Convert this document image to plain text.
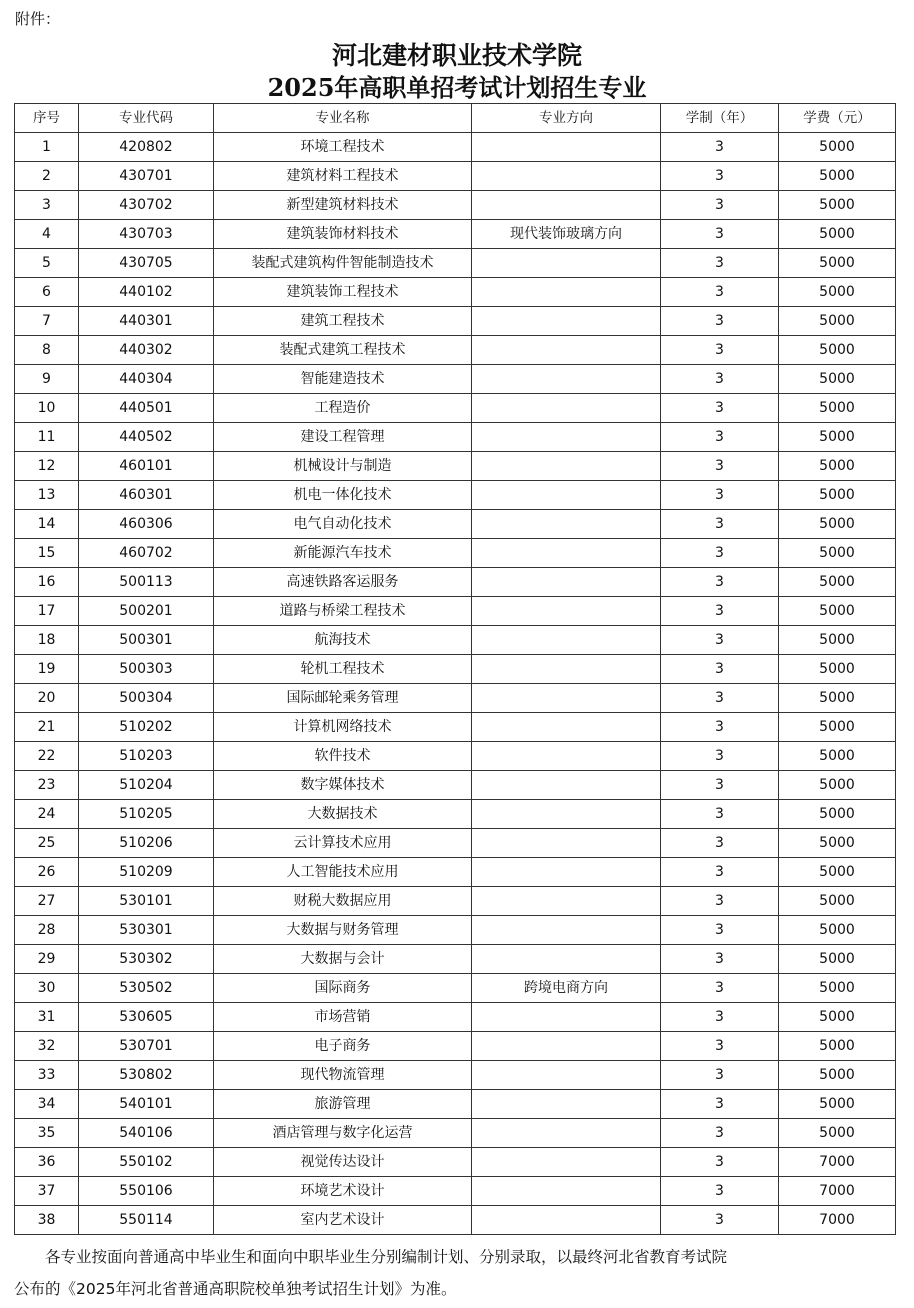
附件：
河北建材职业技术学院
2025年高职单招考试计划招生专业
序号	专业代码	专业名称	专业方向	学制（年）	学费（元）
1	420802	环境工程技术		3	5000
2	430701	建筑材料工程技术		3	5000
3	430702	新型建筑材料技术		3	5000
4	430703	建筑装饰材料技术	现代装饰玻璃方向	3	5000
5	430705	装配式建筑构件智能制造技术		3	5000
6	440102	建筑装饰工程技术		3	5000
7	440301	建筑工程技术		3	5000
8	440302	装配式建筑工程技术		3	5000
9	440304	智能建造技术		3	5000
10	440501	工程造价		3	5000
11	440502	建设工程管理		3	5000
12	460101	机械设计与制造		3	5000
13	460301	机电一体化技术		3	5000
14	460306	电气自动化技术		3	5000
15	460702	新能源汽车技术		3	5000
16	500113	高速铁路客运服务		3	5000
17	500201	道路与桥梁工程技术		3	5000
18	500301	航海技术		3	5000
19	500303	轮机工程技术		3	5000
20	500304	国际邮轮乘务管理		3	5000
21	510202	计算机网络技术		3	5000
22	510203	软件技术		3	5000
23	510204	数字媒体技术		3	5000
24	510205	大数据技术		3	5000
25	510206	云计算技术应用		3	5000
26	510209	人工智能技术应用		3	5000
27	530101	财税大数据应用		3	5000
28	530301	大数据与财务管理		3	5000
29	530302	大数据与会计		3	5000
30	530502	国际商务	跨境电商方向	3	5000
31	530605	市场营销		3	5000
32	530701	电子商务		3	5000
33	530802	现代物流管理		3	5000
34	540101	旅游管理		3	5000
35	540106	酒店管理与数字化运营		3	5000
36	550102	视觉传达设计		3	7000
37	550106	环境艺术设计		3	7000
38	550114	室内艺术设计		3	7000
各专业按面向普通高中毕业生和面向中职毕业生分别编制计划、分别录取，以最终河北省教育考试院
公布的《2025年河北省普通高职院校单独考试招生计划》为准。
